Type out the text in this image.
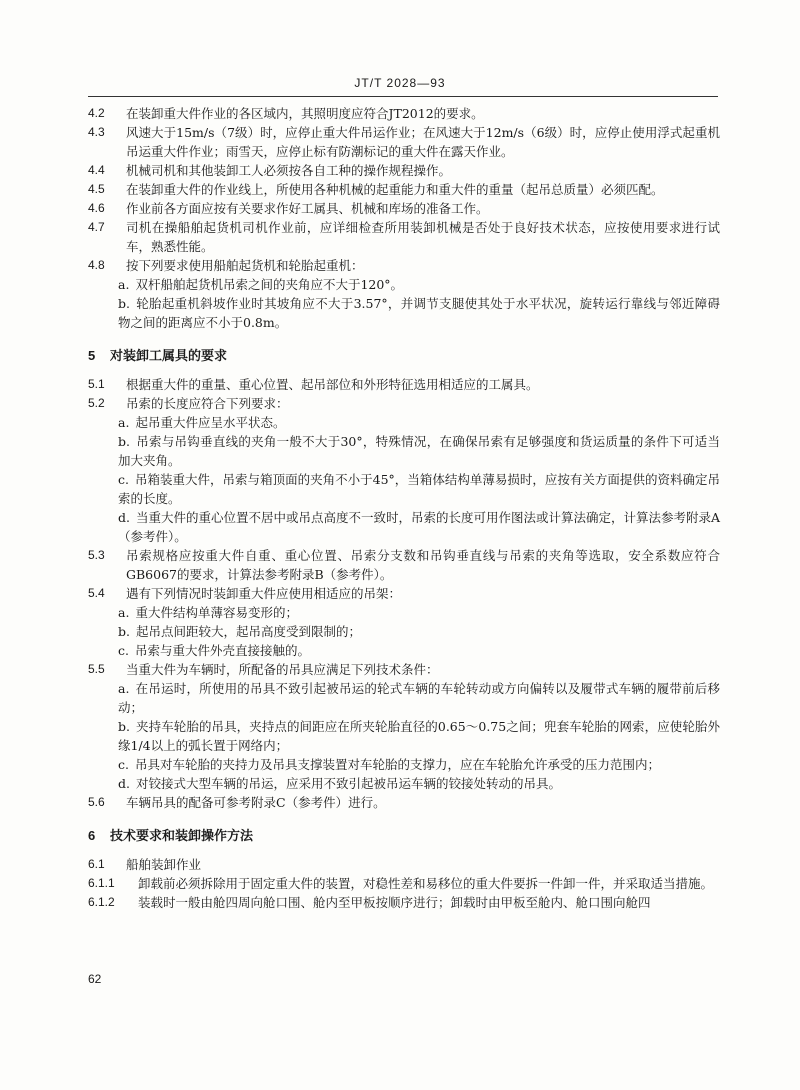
JT/T 2028—93

4.2 在装卸重大件作业的各区域内，其照明度应符合JT2012的要求。

4.3 风速大于15m/s（7级）时，应停止重大件吊运作业；在风速大于12m/s（6级）时，应停止使用浮式起重机吊运重大件作业；雨雪天，应停止标有防潮标记的重大件在露天作业。

4.4 机械司机和其他装卸工人必须按各自工种的操作规程操作。

4.5 在装卸重大件的作业线上，所使用各种机械的起重能力和重大件的重量（起吊总质量）必须匹配。

4.6 作业前各方面应按有关要求作好工属具、机械和库场的准备工作。

4.7 司机在操船舶起货机司机作业前，应详细检查所用装卸机械是否处于良好技术状态，应按使用要求进行试车，熟悉性能。

4.8 按下列要求使用船舶起货机和轮胎起重机：

a. 双杆船舶起货机吊索之间的夹角应不大于120°。

b. 轮胎起重机斜坡作业时其坡角应不大于3.57°，并调节支腿使其处于水平状况，旋转运行靠线与邻近障碍物之间的距离应不小于0.8m。

5 对装卸工属具的要求

5.1 根据重大件的重量、重心位置、起吊部位和外形特征选用相适应的工属具。

5.2 吊索的长度应符合下列要求：

a. 起吊重大件应呈水平状态。

b. 吊索与吊钩垂直线的夹角一般不大于30°，特殊情况，在确保吊索有足够强度和货运质量的条件下可适当加大夹角。

c. 吊箱装重大件，吊索与箱顶面的夹角不小于45°，当箱体结构单薄易损时，应按有关方面提供的资料确定吊索的长度。

d. 当重大件的重心位置不居中或吊点高度不一致时，吊索的长度可用作图法或计算法确定，计算法参考附录A（参考件）。

5.3 吊索规格应按重大件自重、重心位置、吊索分支数和吊钩垂直线与吊索的夹角等选取，安全系数应符合GB6067的要求，计算法参考附录B（参考件）。

5.4 遇有下列情况时装卸重大件应使用相适应的吊架：

a. 重大件结构单薄容易变形的；

b. 起吊点间距较大，起吊高度受到限制的；

c. 吊索与重大件外壳直接接触的。

5.5 当重大件为车辆时，所配备的吊具应满足下列技术条件：

a. 在吊运时，所使用的吊具不致引起被吊运的轮式车辆的车轮转动或方向偏转以及履带式车辆的履带前后移动；

b. 夹持车轮胎的吊具，夹持点的间距应在所夹轮胎直径的0.65～0.75之间；兜套车轮胎的网索，应使轮胎外缘1/4以上的弧长置于网络内；

c. 吊具对车轮胎的夹持力及吊具支撑装置对车轮胎的支撑力，应在车轮胎允许承受的压力范围内；

d. 对铰接式大型车辆的吊运，应采用不致引起被吊运车辆的铰接处转动的吊具。

5.6 车辆吊具的配备可参考附录C（参考件）进行。

6 技术要求和装卸操作方法

6.1 船舶装卸作业

6.1.1 卸载前必须拆除用于固定重大件的装置，对稳性差和易移位的重大件要拆一件卸一件，并采取适当措施。

6.1.2 装载时一般由舱四周向舱口围、舱内至甲板按顺序进行；卸载时由甲板至舱内、舱口围向舱四

62
